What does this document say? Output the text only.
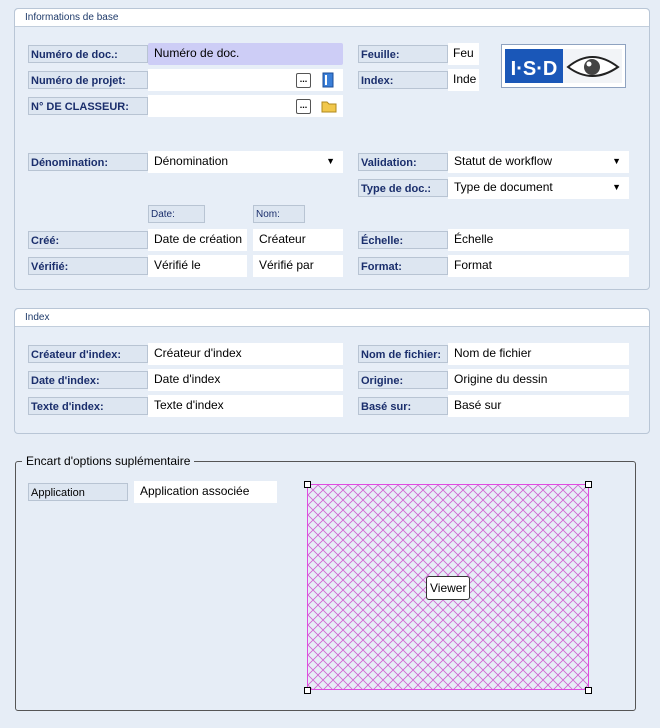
Informations de base
Numéro de doc.:	Numéro de doc.
Numéro de projet:	...
N° DE CLASSEUR:	...
Feuille:	Feu
Index:	Inde I·S·D
Dénomination:	Dénomination	▼ Validation:	Statut de workflow	▼
Type de doc.:	Type de document	▼
Date:	Nom:
Créé:	Date de création	Créateur
Vérifié:	Vérifié le	Vérifié par
Échelle:	Échelle
Format:	Format
Index
Créateur d'index:	Créateur d'index
Date d'index:	Date d'index
Texte d'index:	Texte d'index
Nom de fichier:	Nom de fichier
Origine:	Origine du dessin
Basé sur:	Basé sur
Encart d'options suplémentaire
Application	Application associée
Viewer
